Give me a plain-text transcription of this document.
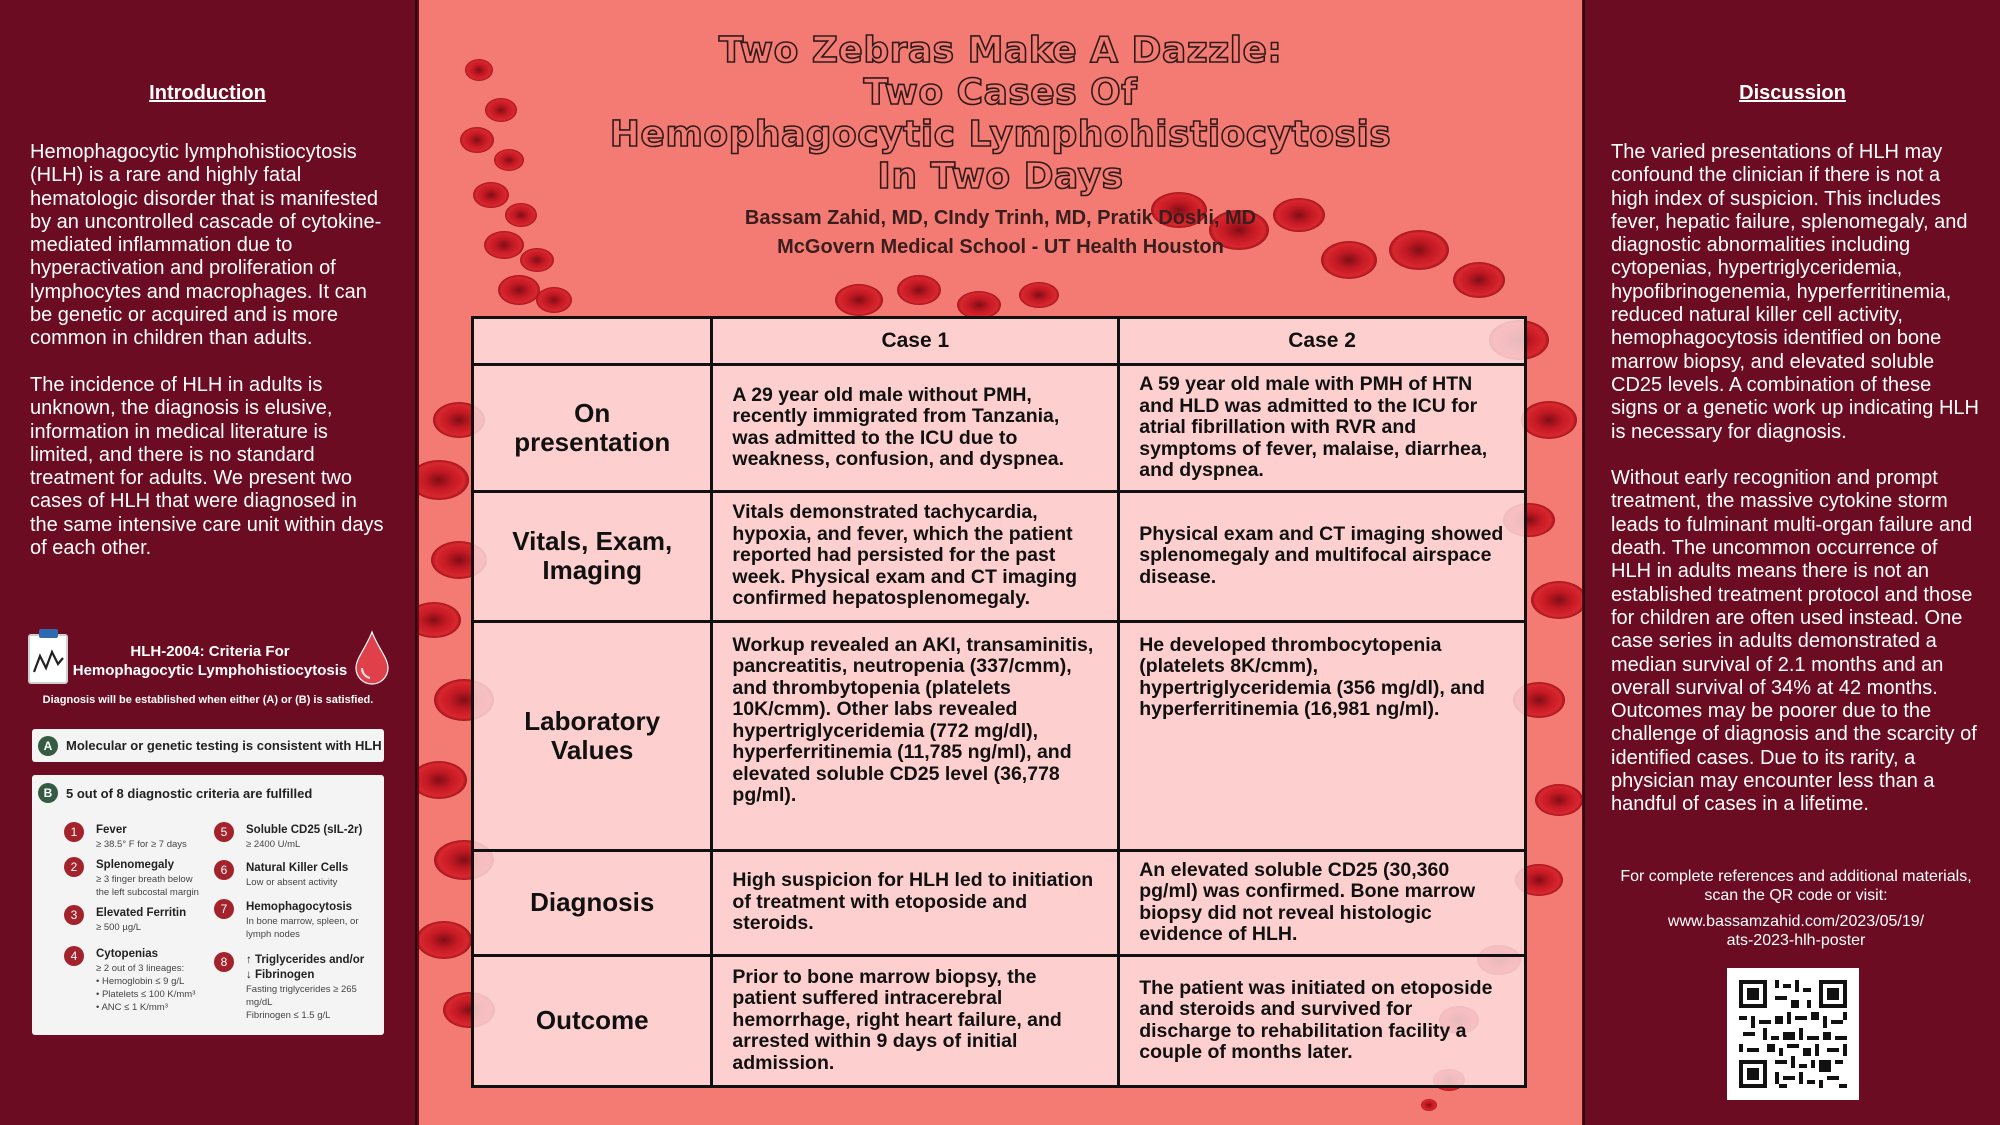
Introduction
Hemophagocytic lymphohistiocytosis (HLH) is a rare and highly fatal hematologic disorder that is manifested by an uncontrolled cascade of cytokine-mediated inflammation due to hyperactivation and proliferation of lymphocytes and macrophages. It can be genetic or acquired and is more common in children than adults.

The incidence of HLH in adults is unknown, the diagnosis is elusive, information in medical literature is limited, and there is no standard treatment for adults. We present two cases of HLH that were diagnosed in the same intensive care unit within days of each other.
HLH-2004: Criteria For Hemophagocytic Lymphohistiocytosis
Diagnosis will be established when either (A) or (B) is satisfied.
A	Molecular or genetic testing is consistent with HLH
B	5 out of 8 diagnostic criteria are fulfilled
1	Fever
≥ 38.5° F for ≥ 7 days
2	Splenomegaly
≥ 3 finger breath below
the left subcostal margin
3	Elevated Ferritin
≥ 500 µg/L
4	Cytopenias
≥ 2 out of 3 lineages:
• Hemoglobin ≤ 9 g/L
• Platelets ≤ 100 K/mm³
• ANC ≤ 1 K/mm³
5	Soluble CD25 (sIL-2r)
≥ 2400 U/mL
6	Natural Killer Cells
Low or absent activity
7	Hemophagocytosis
In bone marrow, spleen, or
lymph nodes
8	↑ Triglycerides and/or
↓ Fibrinogen
Fasting triglycerides ≥ 265
mg/dL
Fibrinogen ≤ 1.5 g/L
Two Zebras Make A Dazzle:
Two Cases Of
Hemophagocytic Lymphohistiocytosis
In Two Days
Bassam Zahid, MD, CIndy Trinh, MD, Pratik Doshi, MD
McGovern Medical School - UT Health Houston
	Case 1	Case 2
On
presentation	A 29 year old male without PMH, recently immigrated from Tanzania, was admitted to the ICU due to weakness, confusion, and dyspnea.	A 59 year old male with PMH of HTN and HLD was admitted to the ICU for atrial fibrillation with RVR and symptoms of fever, malaise, diarrhea, and dyspnea.
Vitals, Exam,
Imaging	Vitals demonstrated tachycardia, hypoxia, and fever, which the patient reported had persisted for the past week. Physical exam and CT imaging confirmed hepatosplenomegaly.	Physical exam and CT imaging showed splenomegaly and multifocal airspace disease.
Laboratory
Values	Workup revealed an AKI, transaminitis, pancreatitis, neutropenia (337/cmm), and thrombytopenia (platelets 10K/cmm). Other labs revealed hypertriglyceridemia (772 mg/dl), hyperferritinemia (11,785 ng/ml), and elevated soluble CD25 level (36,778 pg/ml).	He developed thrombocytopenia (platelets 8K/cmm), hypertriglyceridemia (356 mg/dl), and hyperferritinemia (16,981 ng/ml).
Diagnosis	High suspicion for HLH led to initiation of treatment with etoposide and steroids.	An elevated soluble CD25 (30,360 pg/ml) was confirmed. Bone marrow biopsy did not reveal histologic evidence of HLH.
Outcome	Prior to bone marrow biopsy, the patient suffered intracerebral hemorrhage, right heart failure, and arrested within 9 days of initial admission.	The patient was initiated on etoposide and steroids and survived for discharge to rehabilitation facility a couple of months later.
Discussion
The varied presentations of HLH may confound the clinician if there is not a high index of suspicion. This includes fever, hepatic failure, splenomegaly, and diagnostic abnormalities including cytopenias, hypertriglyceridemia, hypofibrinogenemia, hyperferritinemia, reduced natural killer cell activity, hemophagocytosis identified on bone marrow biopsy, and elevated soluble CD25 levels. A combination of these signs or a genetic work up indicating HLH is necessary for diagnosis.

Without early recognition and prompt treatment, the massive cytokine storm leads to fulminant multi-organ failure and death. The uncommon occurrence of HLH in adults means there is not an established treatment protocol and those for children are often used instead. One case series in adults demonstrated a median survival of 2.1 months and an overall survival of 34% at 42 months. Outcomes may be poorer due to the challenge of diagnosis and the scarcity of identified cases. Due to its rarity, a physician may encounter less than a handful of cases in a lifetime.
For complete references and additional materials, scan the QR code or visit:
www.bassamzahid.com/2023/05/19/
ats-2023-hlh-poster
